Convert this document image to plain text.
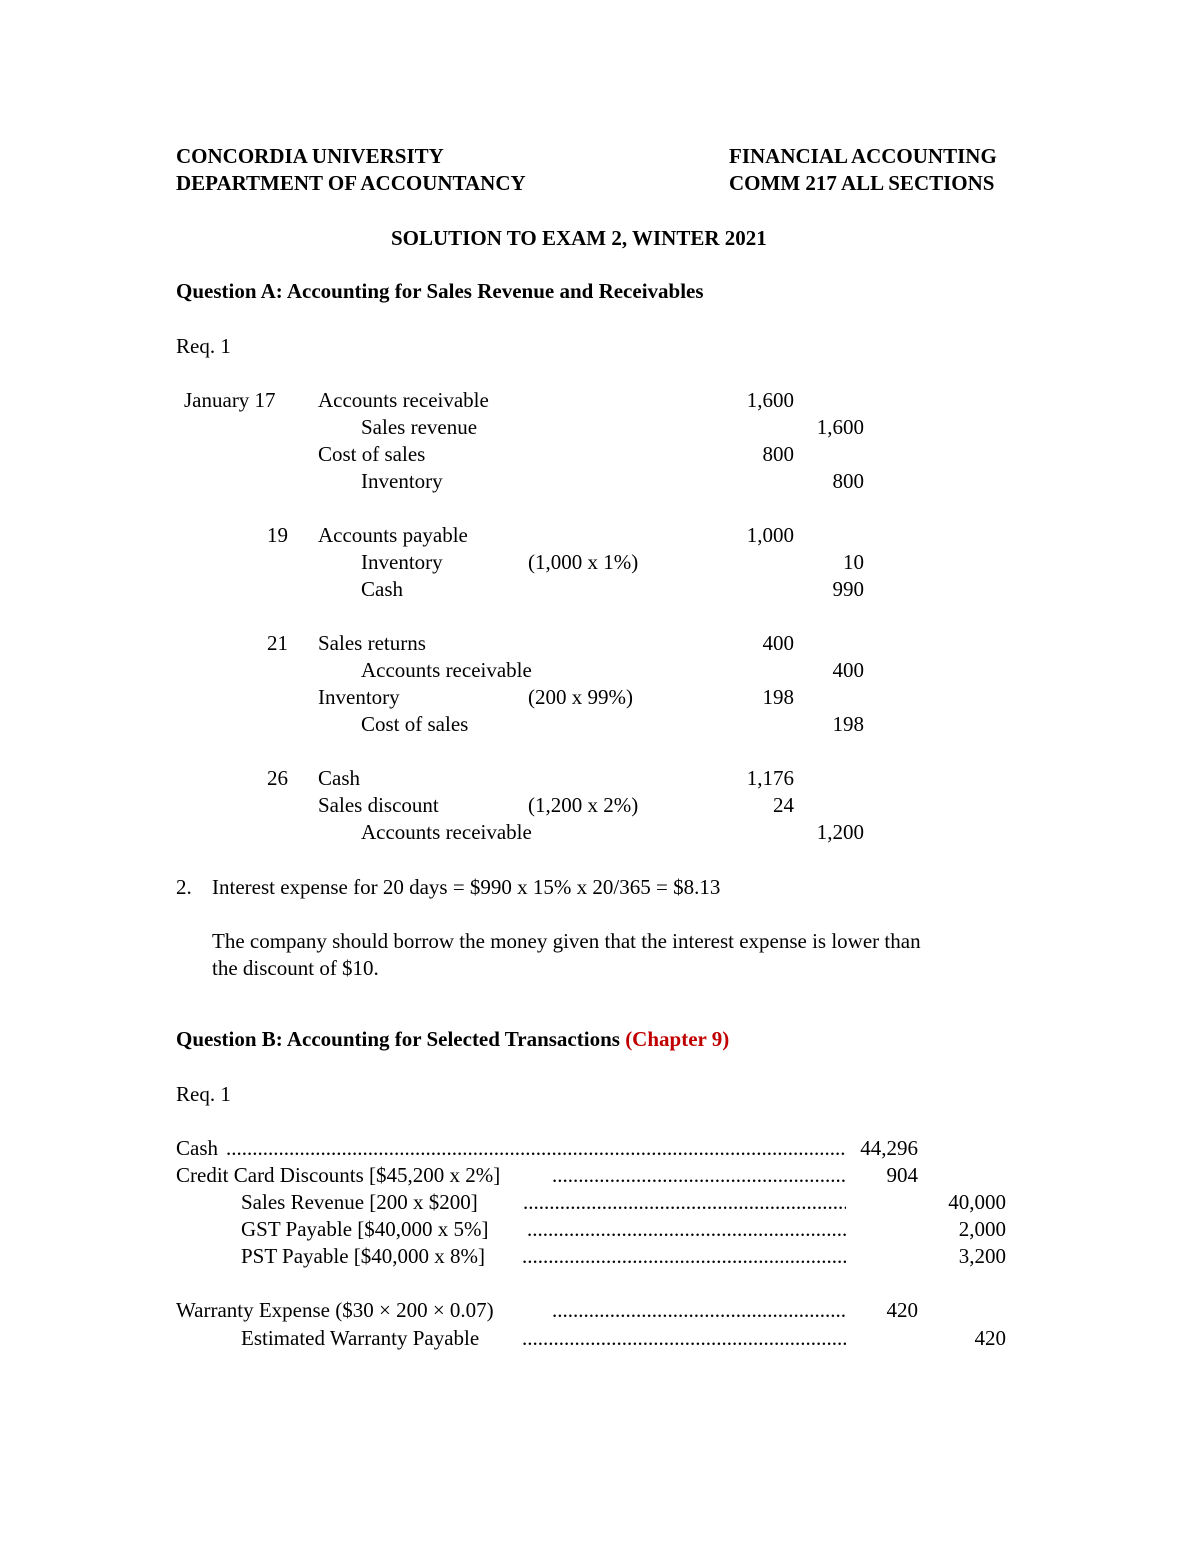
CONCORDIA UNIVERSITY
DEPARTMENT OF ACCOUNTANCY
FINANCIAL ACCOUNTING
COMM 217 ALL SECTIONS
SOLUTION TO EXAM 2, WINTER 2021
Question A: Accounting for Sales Revenue and Receivables
Req. 1
January 17 Accounts receivable	1,600
Sales revenue	1,600
Cost of sales	800
Inventory	800
19 Accounts payable	1,000
Inventory	(1,000 x 1%)	10
Cash	990
21 Sales returns	400
Accounts receivable	400
Inventory	(200 x 99%)	198
Cost of sales	198
26 Cash	1,176
Sales discount	(1,200 x 2%)	24
Accounts receivable	1,200
2. Interest expense for 20 days = $990 x 15% x 20/365 = $8.13
The company should borrow the money given that the interest expense is lower than
the discount of $10.
Question B: Accounting for Selected Transactions (Chapter 9)
Req. 1
Cash .....	44,296
Credit Card Discounts [$45,200 x 2%] .....	904
Sales Revenue [200 x $200] .....	40,000
GST Payable [$40,000 x 5%] .....	2,000
PST Payable [$40,000 x 8%] .....	3,200
Warranty Expense ($30 × 200 × 0.07) .....	420
Estimated Warranty Payable .....	420
